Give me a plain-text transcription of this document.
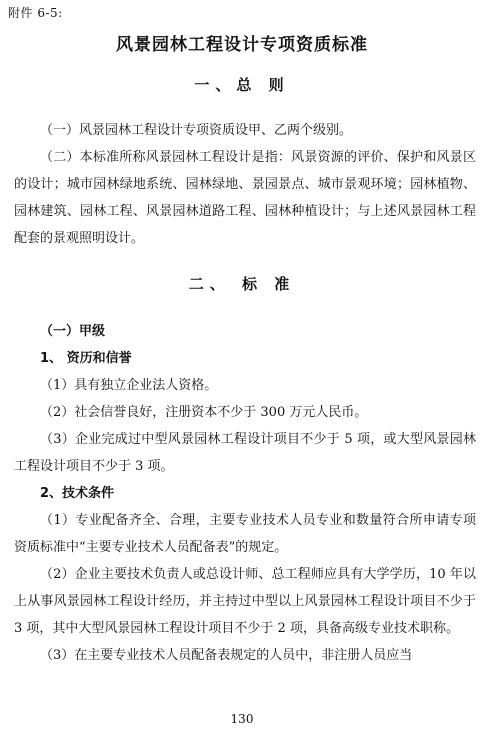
附件 6-5:
风景园林工程设计专项资质标准
一、总 则

（一）风景园林工程设计专项资质设甲、乙两个级别。

（二）本标准所称风景园林工程设计是指：风景资源的评价、保护和风景区的设计；城市园林绿地系统、园林绿地、景园景点、城市景观环境；园林植物、园林建筑、园林工程、风景园林道路工程、园林种植设计；与上述风景园林工程配套的景观照明设计。

二、 标 准

（一）甲级

1、 资历和信誉

（1）具有独立企业法人资格。

（2）社会信誉良好，注册资本不少于 300 万元人民币。

（3）企业完成过中型风景园林工程设计项目不少于 5 项，或大型风景园林工程设计项目不少于 3 项。

2、技术条件

（1）专业配备齐全、合理，主要专业技术人员专业和数量符合所申请专项资质标准中“主要专业技术人员配备表”的规定。

（2）企业主要技术负责人或总设计师、总工程师应具有大学学历，10 年以上从事风景园林工程设计经历，并主持过中型以上风景园林工程设计项目不少于 3 项，其中大型风景园林工程设计项目不少于 2 项，具备高级专业技术职称。

（3）在主要专业技术人员配备表规定的人员中，非注册人员应当

130
